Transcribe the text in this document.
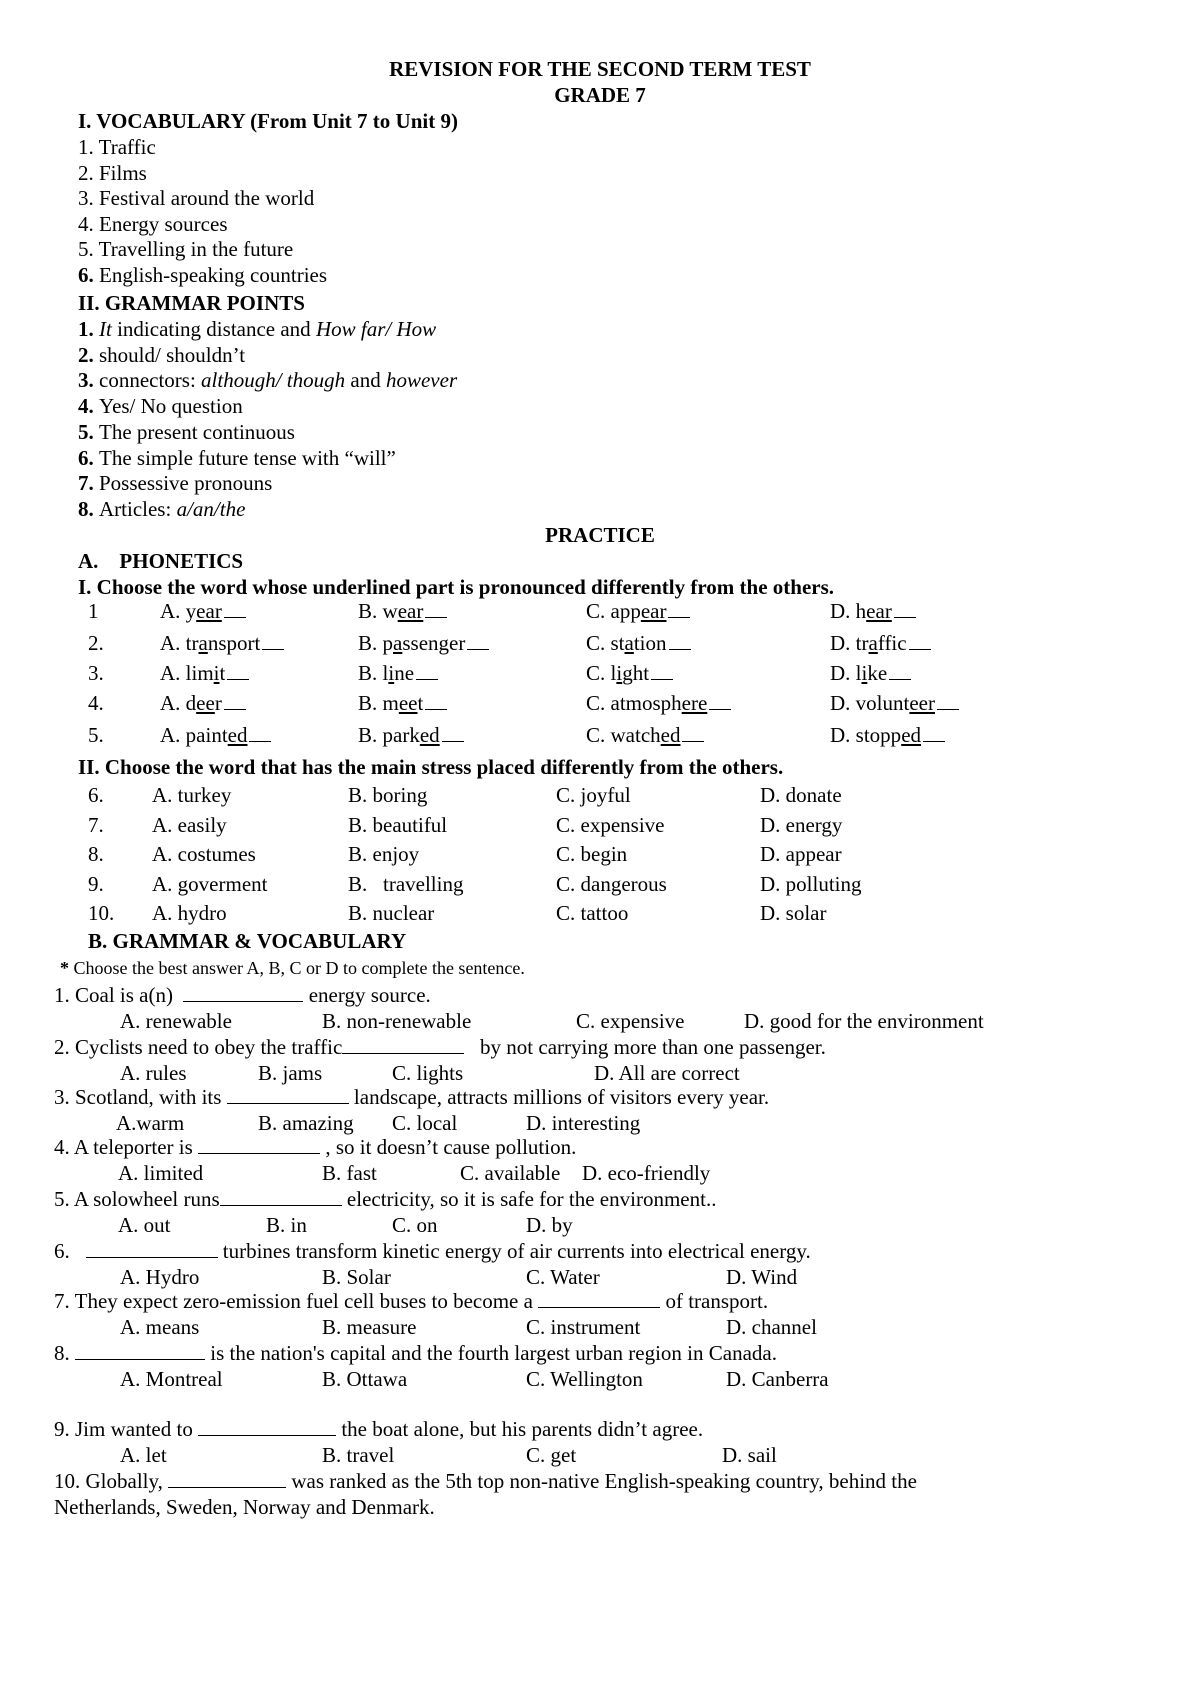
REVISION FOR THE SECOND TERM TEST
GRADE 7
I. VOCABULARY (From Unit 7 to Unit 9)
1. Traffic
2. Films
3. Festival around the world
4. Energy sources
5. Travelling in the future
6. English-speaking countries
II. GRAMMAR POINTS
1. It indicating distance and How far/ How
2. should/ shouldn’t
3. connectors: although/ though and however
4. Yes/ No question
5. The present continuous
6. The simple future tense with “will”
7. Possessive pronouns
8. Articles: a/an/the
PRACTICE
A.    PHONETICS
I. Choose the word whose underlined part is pronounced differently from the others.
1	A. year	B. wear	C. appear	D. hear
2.	A. transport	B. passenger	C. station	D. traffic
3.	A. limit	B. line	C. light	D. like
4.	A. deer	B. meet	C. atmosphere	D. volunteer
5.	A. painted	B. parked	C. watched	D. stopped
II. Choose the word that has the main stress placed differently from the others.
6. A. turkey	B. boring	C. joyful	D. donate
7. A. easily	B. beautiful	C. expensive	D. energy
8. A. costumes	B. enjoy	C. begin	D. appear
9. A. goverment	B.   travelling	C. dangerous	D. polluting
10. A. hydro	B. nuclear	C. tattoo	D. solar
B. GRAMMAR & VOCABULARY
* Choose the best answer A, B, C or D to complete the sentence.
1. Coal is a(n)	energy source.
A. renewable	B. non-renewable	C. expensive	D. good for the environment
2. Cyclists need to obey the traffic	by not carrying more than one passenger.
A. rules	B. jams	C. lights	D. All are correct
3. Scotland, with its	landscape, attracts millions of visitors every year.
A.warm	B. amazing C. local	D. interesting
4. A teleporter is	, so it doesn’t cause pollution.
A. limited	B. fast	C. available D. eco-friendly
5. A solowheel runs	electricity, so it is safe for the environment..
A. out	B. in	C. on	D. by
6.	turbines transform kinetic energy of air currents into electrical energy.
A. Hydro	B. Solar	C. Water	D. Wind
7. They expect zero-emission fuel cell buses to become a	of transport.
A. means	B. measure	C. instrument	D. channel
8.	is the nation's capital and the fourth largest urban region in Canada.
A. Montreal	B. Ottawa	C. Wellington	D. Canberra
9. Jim wanted to	the boat alone, but his parents didn’t agree.
A. let	B. travel	C. get	D. sail
10. Globally,	was ranked as the 5th top non-native English-speaking country, behind the
Netherlands, Sweden, Norway and Denmark.
